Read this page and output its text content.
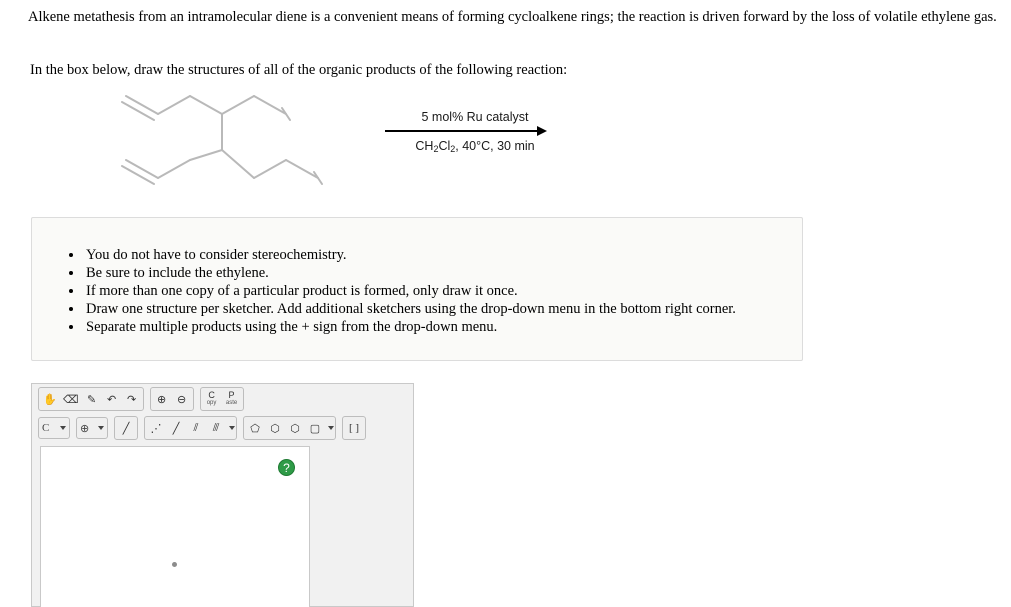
Alkene metathesis from an intramolecular diene is a convenient means of forming cycloalkene rings; the reaction is driven forward by the loss of volatile ethylene gas.
In the box below, draw the structures of all of the organic products of the following reaction:
5 mol% Ru catalyst
$CH_2Cl_2$, 40°C, 30 min
• You do not have to consider stereochemistry.
• Be sure to include the ethylene.
• If more than one copy of a particular product is formed, only draw it once.
• Draw one structure per sketcher. Add additional sketchers using the drop-down menu in the bottom right corner.
• Separate multiple products using the + sign from the drop-down menu.
✋ ⌫ ✎ ↶ ↷	⊕ ⊖	C
opy
P
aste
C	⊕	╱	⋰	╱	⫽	⫻	⬠ ⬡ ⬡ ▢	[ ]
?
